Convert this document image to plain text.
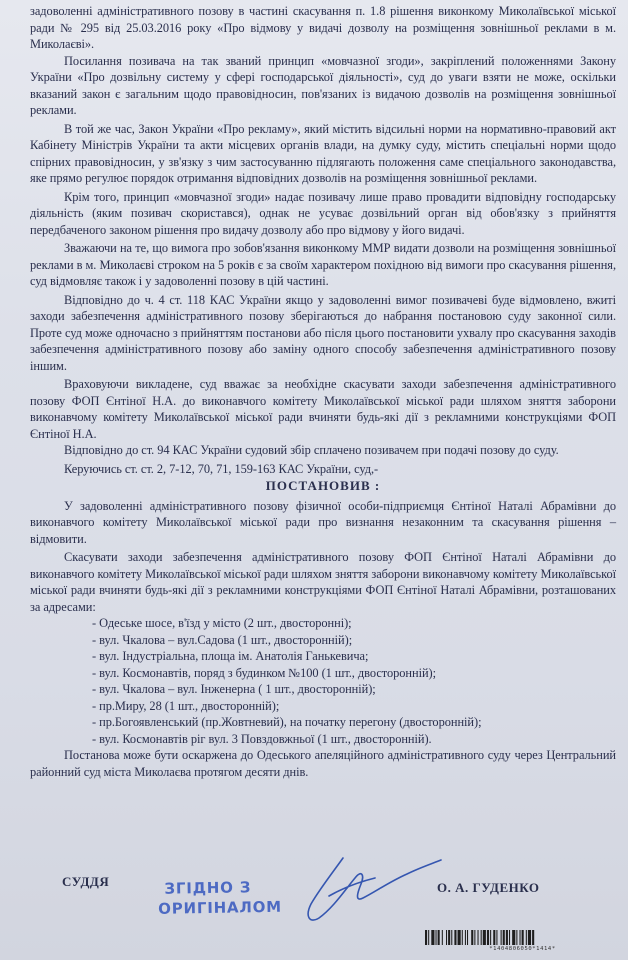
задоволенні адміністративного позову в частині скасування п. 1.8 рішення виконкому Миколаївської міської ради № 295 від 25.03.2016 року «Про відмову у видачі дозволу на розміщення зовнішньої реклами в м. Миколаєві».

Посилання позивача на так званий принцип «мовчазної згоди», закріплений положеннями Закону України «Про дозвільну систему у сфері господарської діяльності», суд до уваги взяти не може, оскільки вказаний закон є загальним щодо правовідносин, пов'язаних із видачою дозволів на розміщення зовнішньої реклами.

В той же час, Закон України «Про рекламу», який містить відсильні норми на нормативно-правовий акт Кабінету Міністрів України та акти місцевих органів влади, на думку суду, містить спеціальні норми щодо спірних правовідносин, у зв'язку з чим застосуванню підлягають положення саме спеціального законодавства, яке прямо регулює порядок отримання відповідних дозволів на розміщення зовнішньої реклами.

Крім того, принцип «мовчазної згоди» надає позивачу лише право провадити відповідну господарську діяльність (яким позивач скористався), однак не усуває дозвільний орган від обов'язку з прийняття передбаченого законом рішення про видачу дозволу або про відмову у його видачі.

Зважаючи на те, що вимога про зобов'язання виконкому ММР видати дозволи на розміщення зовнішньої реклами в м. Миколаєві строком на 5 років є за своїм характером похідною від вимоги про скасування рішення, суд відмовляє також і у задоволенні позову в цій частині.

Відповідно до ч. 4 ст. 118 КАС України якщо у задоволенні вимог позивачеві буде відмовлено, вжиті заходи забезпечення адміністративного позову зберігаються до набрання постановою суду законної сили. Проте суд може одночасно з прийняттям постанови або після цього постановити ухвалу про скасування заходів забезпечення адміністративного позову або заміну одного способу забезпечення адміністративного позову іншим.

Враховуючи викладене, суд вважає за необхідне скасувати заходи забезпечення адміністративного позову ФОП Єнтіної Н.А. до виконавчого комітету Миколаївської міської ради шляхом зняття заборони виконавчому комітету Миколаївської міської ради вчиняти будь-які дії з рекламними конструкціями ФОП Єнтіної Н.А.

Відповідно до ст. 94 КАС України судовий збір сплачено позивачем при подачі позову до суду.

Керуючись ст. ст. 2, 7-12, 70, 71, 159-163 КАС України, суд,-

ПОСТАНОВИВ :

У задоволенні адміністративного позову фізичної особи-підприємця Єнтіної Наталі Абрамівни до виконавчого комітету Миколаївської міської ради про визнання незаконним та скасування рішення – відмовити.

Скасувати заходи забезпечення адміністративного позову ФОП Єнтіної Наталі Абрамівни до виконавчого комітету Миколаївської міської ради шляхом зняття заборони виконавчому комітету Миколаївської міської ради вчиняти будь-які дії з рекламними конструкціями ФОП Єнтіної Наталі Абрамівни, розташованих за адресами:

- Одеське шосе, в'їзд у місто (2 шт., двосторонні);
- вул. Чкалова – вул.Садова (1 шт., двосторонній);
- вул. Індустріальна, площа ім. Анатолія Ганькевича;
- вул. Космонавтів, поряд з будинком №100 (1 шт., двосторонній);
- вул. Чкалова – вул. Інженерна ( 1 шт., двосторонній);
- пр.Миру, 28 (1 шт., двосторонній);
- пр.Богоявленський (пр.Жовтневий), на початку перегону (двосторонній);
- вул. Космонавтів ріг вул. 3 Повздовжньої (1 шт., двосторонній).

Постанова може бути оскаржена до Одеського апеляційного адміністративного суду через Центральний районний суд міста Миколаєва протягом десяти днів.

СУДДЯ	ЗГІДНО З
ОРИГІНАЛОМ
О. А. ГУДЕНКО
*1404806050*1414*
